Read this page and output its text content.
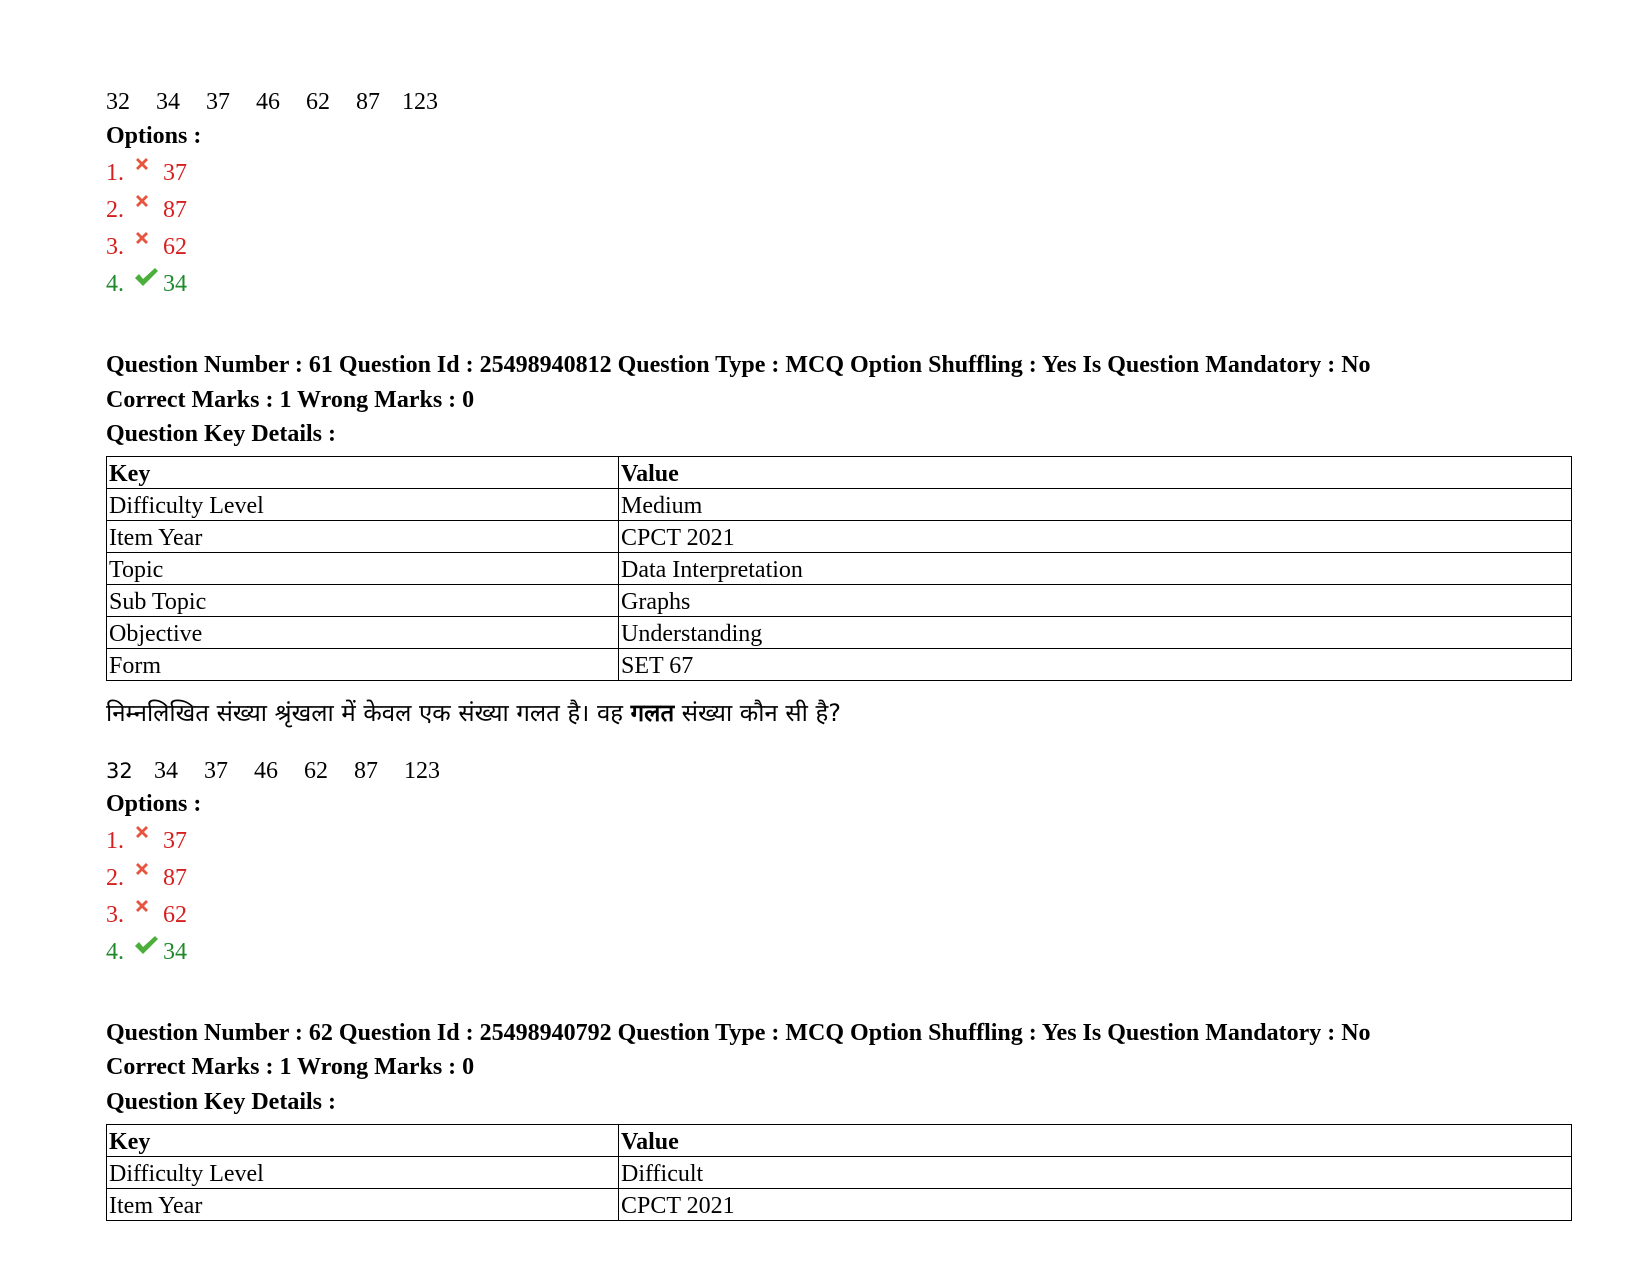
32 34 37 46 62 87 123
Options :
1.	37
2.	87
3.	62
4.	34
Question Number : 61 Question Id : 25498940812 Question Type : MCQ Option Shuffling : Yes Is Question Mandatory : No
Correct Marks : 1 Wrong Marks : 0
Question Key Details :
Key	Value
Difficulty Level	Medium
Item Year	CPCT 2021
Topic	Data Interpretation
Sub Topic	Graphs
Objective	Understanding
Form	SET 67
निम्नलिखित संख्या श्रृंखला में केवल एक संख्या गलत है। वह गलत संख्या कौन सी है?
32 34 37 46 62 87 123
Options :
1.	37
2.	87
3.	62
4.	34
Question Number : 62 Question Id : 25498940792 Question Type : MCQ Option Shuffling : Yes Is Question Mandatory : No
Correct Marks : 1 Wrong Marks : 0
Question Key Details :
Key	Value
Difficulty Level	Difficult
Item Year	CPCT 2021
